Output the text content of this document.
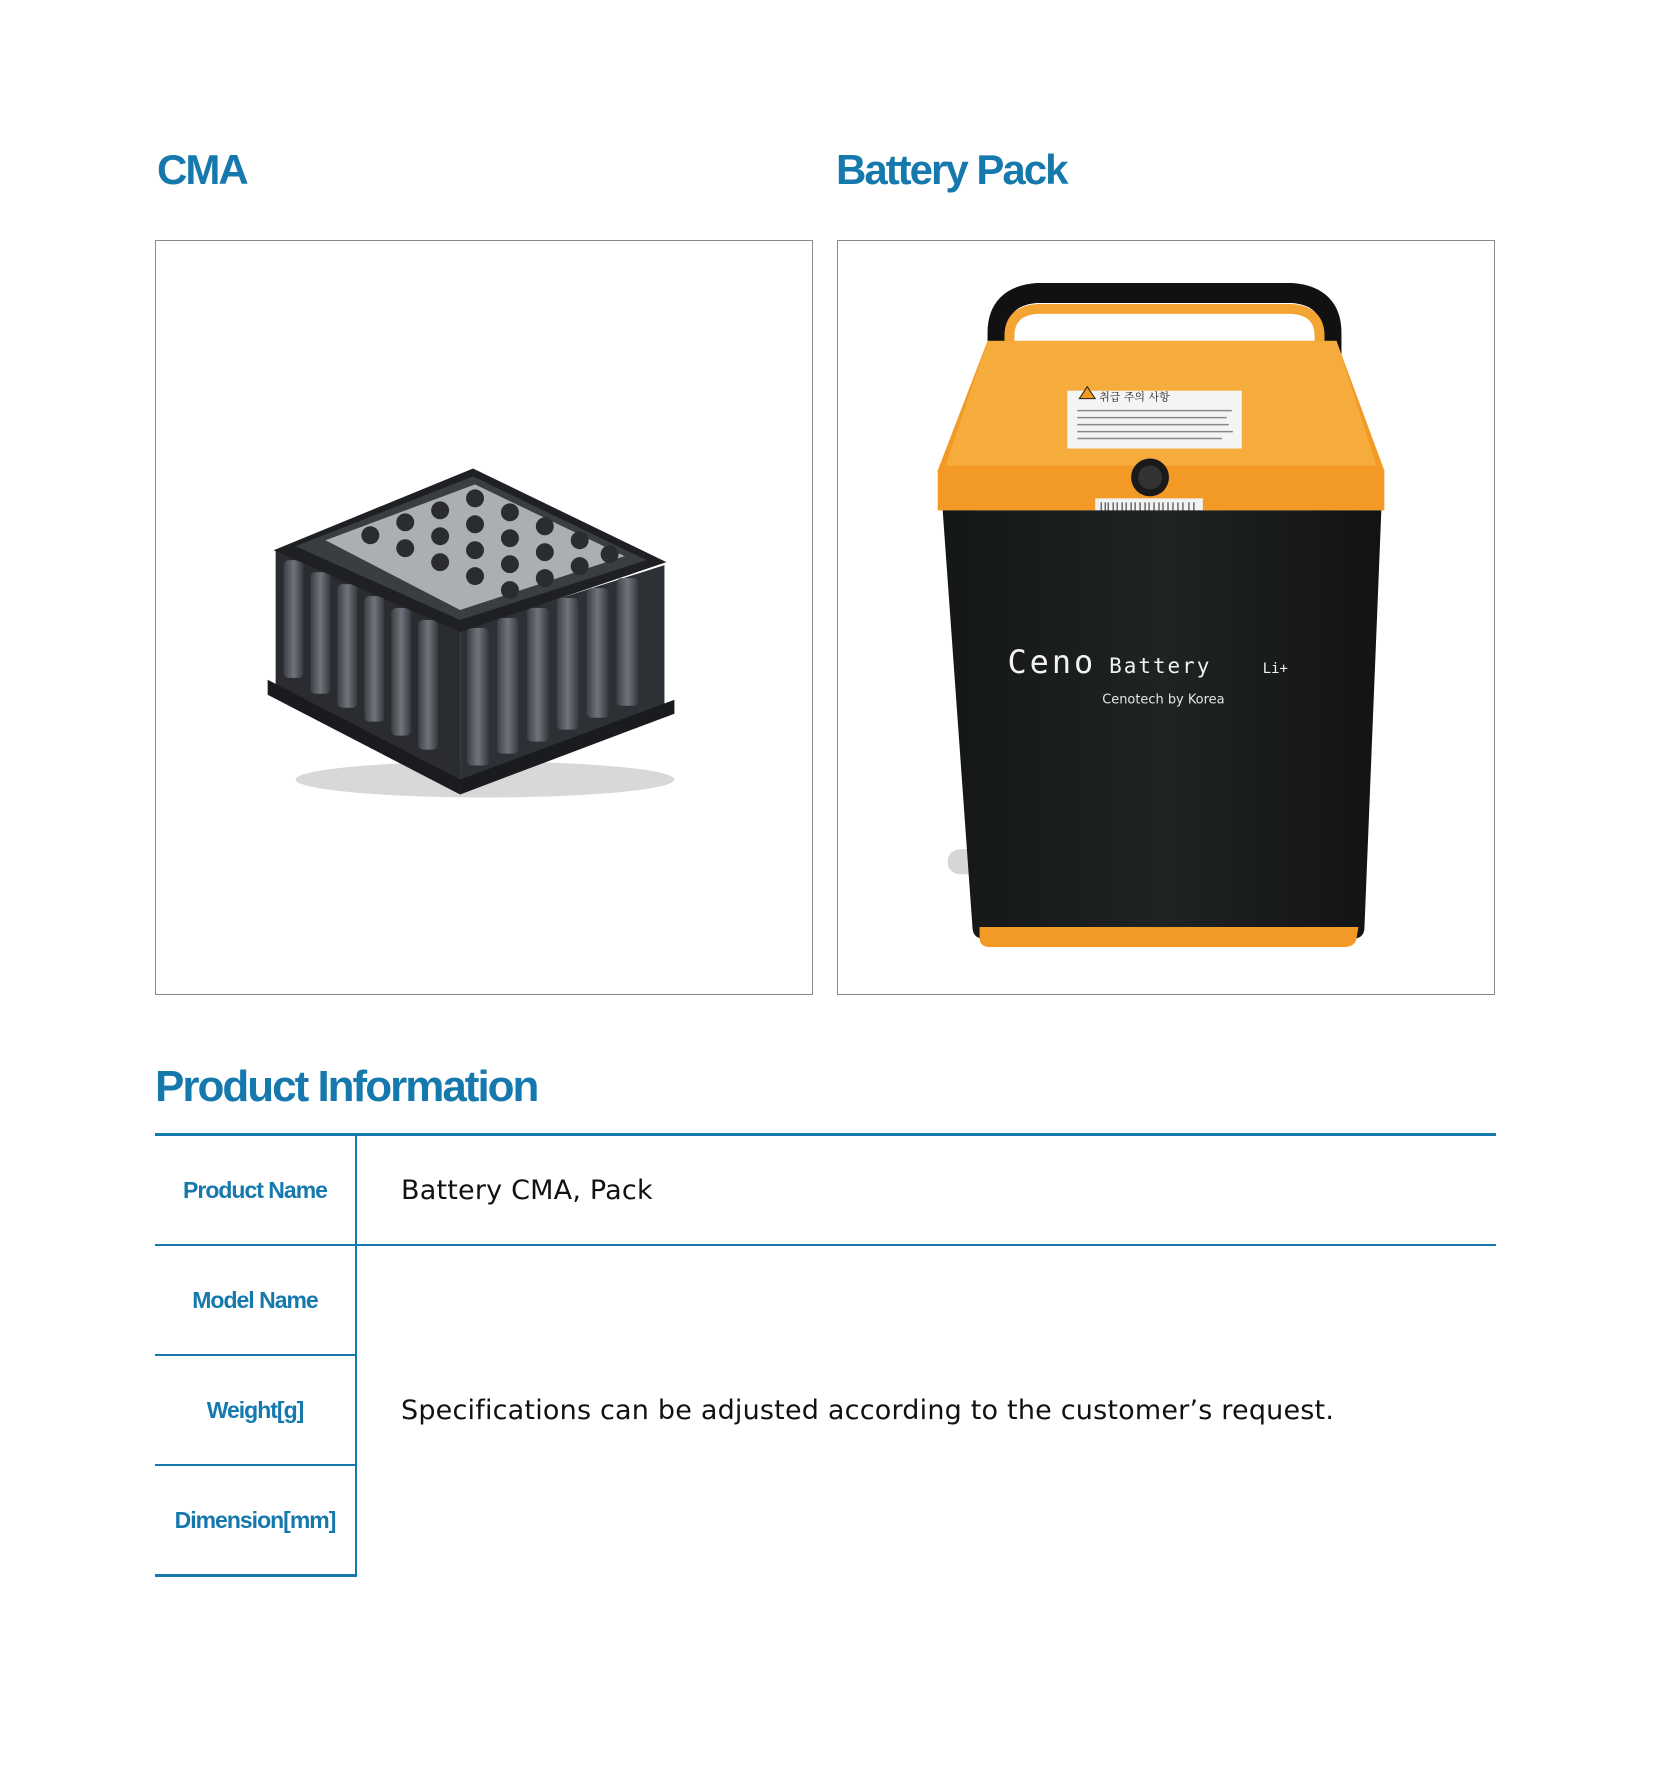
CMA	Battery Pack
취급 주의 사항
Ceno Battery	Li+
Cenotech by Korea
Product Information
Product Name	Battery CMA, Pack
Model Name	Specifications can be adjusted according to the customer’s request.
Weight[g]	
Dimension[mm]	
